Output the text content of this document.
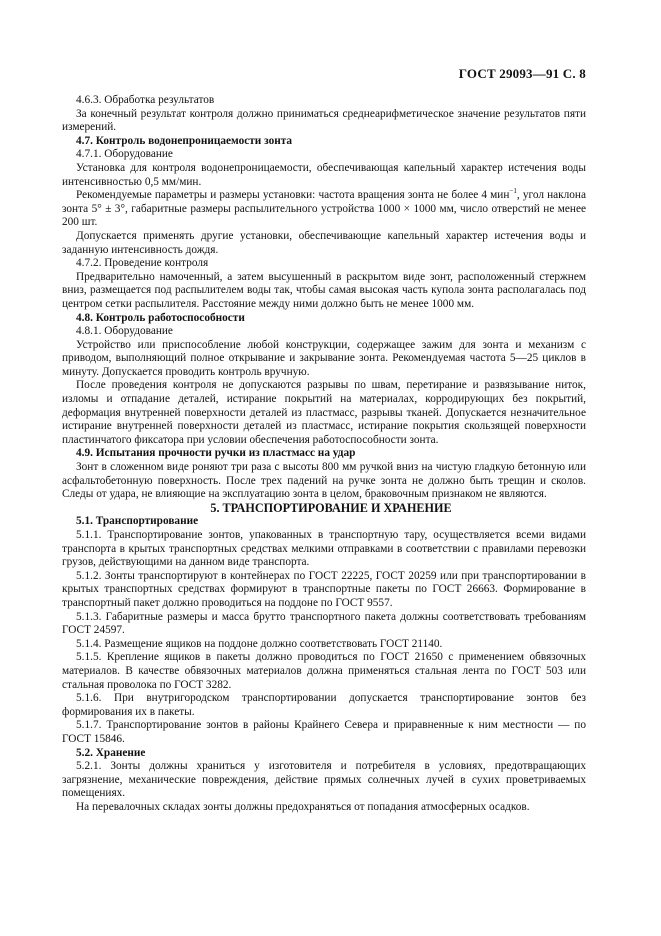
ГОСТ 29093—91 С. 8

4.6.3. Обработка результатов

За конечный результат контроля должно приниматься среднеарифметическое значение результатов пяти измерений.

4.7. Контроль водонепроницаемости зонта

4.7.1. Оборудование

Установка для контроля водонепроницаемости, обеспечивающая капельный характер истечения воды интенсивностью 0,5 мм/мин.

Рекомендуемые параметры и размеры установки: частота вращения зонта не более 4 мин$^{-1}$, угол наклона зонта 5° ± 3°, габаритные размеры распылительного устройства 1000 × 1000 мм, число отверстий не менее 200 шт.

Допускается применять другие установки, обеспечивающие капельный характер истечения воды и заданную интенсивность дождя.

4.7.2. Проведение контроля

Предварительно намоченный, а затем высушенный в раскрытом виде зонт, расположенный стержнем вниз, размещается под распылителем воды так, чтобы самая высокая часть купола зонта располагалась под центром сетки распылителя. Расстояние между ними должно быть не менее 1000 мм.

4.8. Контроль работоспособности

4.8.1. Оборудование

Устройство или приспособление любой конструкции, содержащее зажим для зонта и механизм с приводом, выполняющий полное открывание и закрывание зонта. Рекомендуемая частота 5—25 циклов в минуту. Допускается проводить контроль вручную.

После проведения контроля не допускаются разрывы по швам, перетирание и развязывание ниток, изломы и отпадание деталей, истирание покрытий на материалах, корродирующих без покрытий, деформация внутренней поверхности деталей из пластмасс, разрывы тканей. Допускается незначительное истирание внутренней поверхности деталей из пластмасс, истирание покрытия скользящей поверхности пластинчатого фиксатора при условии обеспечения работоспособности зонта.

4.9. Испытания прочности ручки из пластмасс на удар

Зонт в сложенном виде роняют три раза с высоты 800 мм ручкой вниз на чистую гладкую бетонную или асфальтобетонную поверхность. После трех падений на ручке зонта не должно быть трещин и сколов. Следы от удара, не влияющие на эксплуатацию зонта в целом, браковочным признаком не являются.

5. ТРАНСПОРТИРОВАНИЕ И ХРАНЕНИЕ

5.1. Транспортирование

5.1.1. Транспортирование зонтов, упакованных в транспортную тару, осуществляется всеми видами транспорта в крытых транспортных средствах мелкими отправками в соответствии с правилами перевозки грузов, действующими на данном виде транспорта.

5.1.2. Зонты транспортируют в контейнерах по ГОСТ 22225, ГОСТ 20259 или при транспортировании в крытых транспортных средствах формируют в транспортные пакеты по ГОСТ 26663. Формирование в транспортный пакет должно проводиться на поддоне по ГОСТ 9557.

5.1.3. Габаритные размеры и масса брутто транспортного пакета должны соответствовать требованиям ГОСТ 24597.

5.1.4. Размещение ящиков на поддоне должно соответствовать ГОСТ 21140.

5.1.5. Крепление ящиков в пакеты должно проводиться по ГОСТ 21650 с применением обвязочных материалов. В качестве обвязочных материалов должна применяться стальная лента по ГОСТ 503 или стальная проволока по ГОСТ 3282.

5.1.6. При внутригородском транспортировании допускается транспортирование зонтов без формирования их в пакеты.

5.1.7. Транспортирование зонтов в районы Крайнего Севера и приравненные к ним местности — по ГОСТ 15846.

5.2. Хранение

5.2.1. Зонты должны храниться у изготовителя и потребителя в условиях, предотвращающих загрязнение, механические повреждения, действие прямых солнечных лучей в сухих проветриваемых помещениях.

На перевалочных складах зонты должны предохраняться от попадания атмосферных осадков.
